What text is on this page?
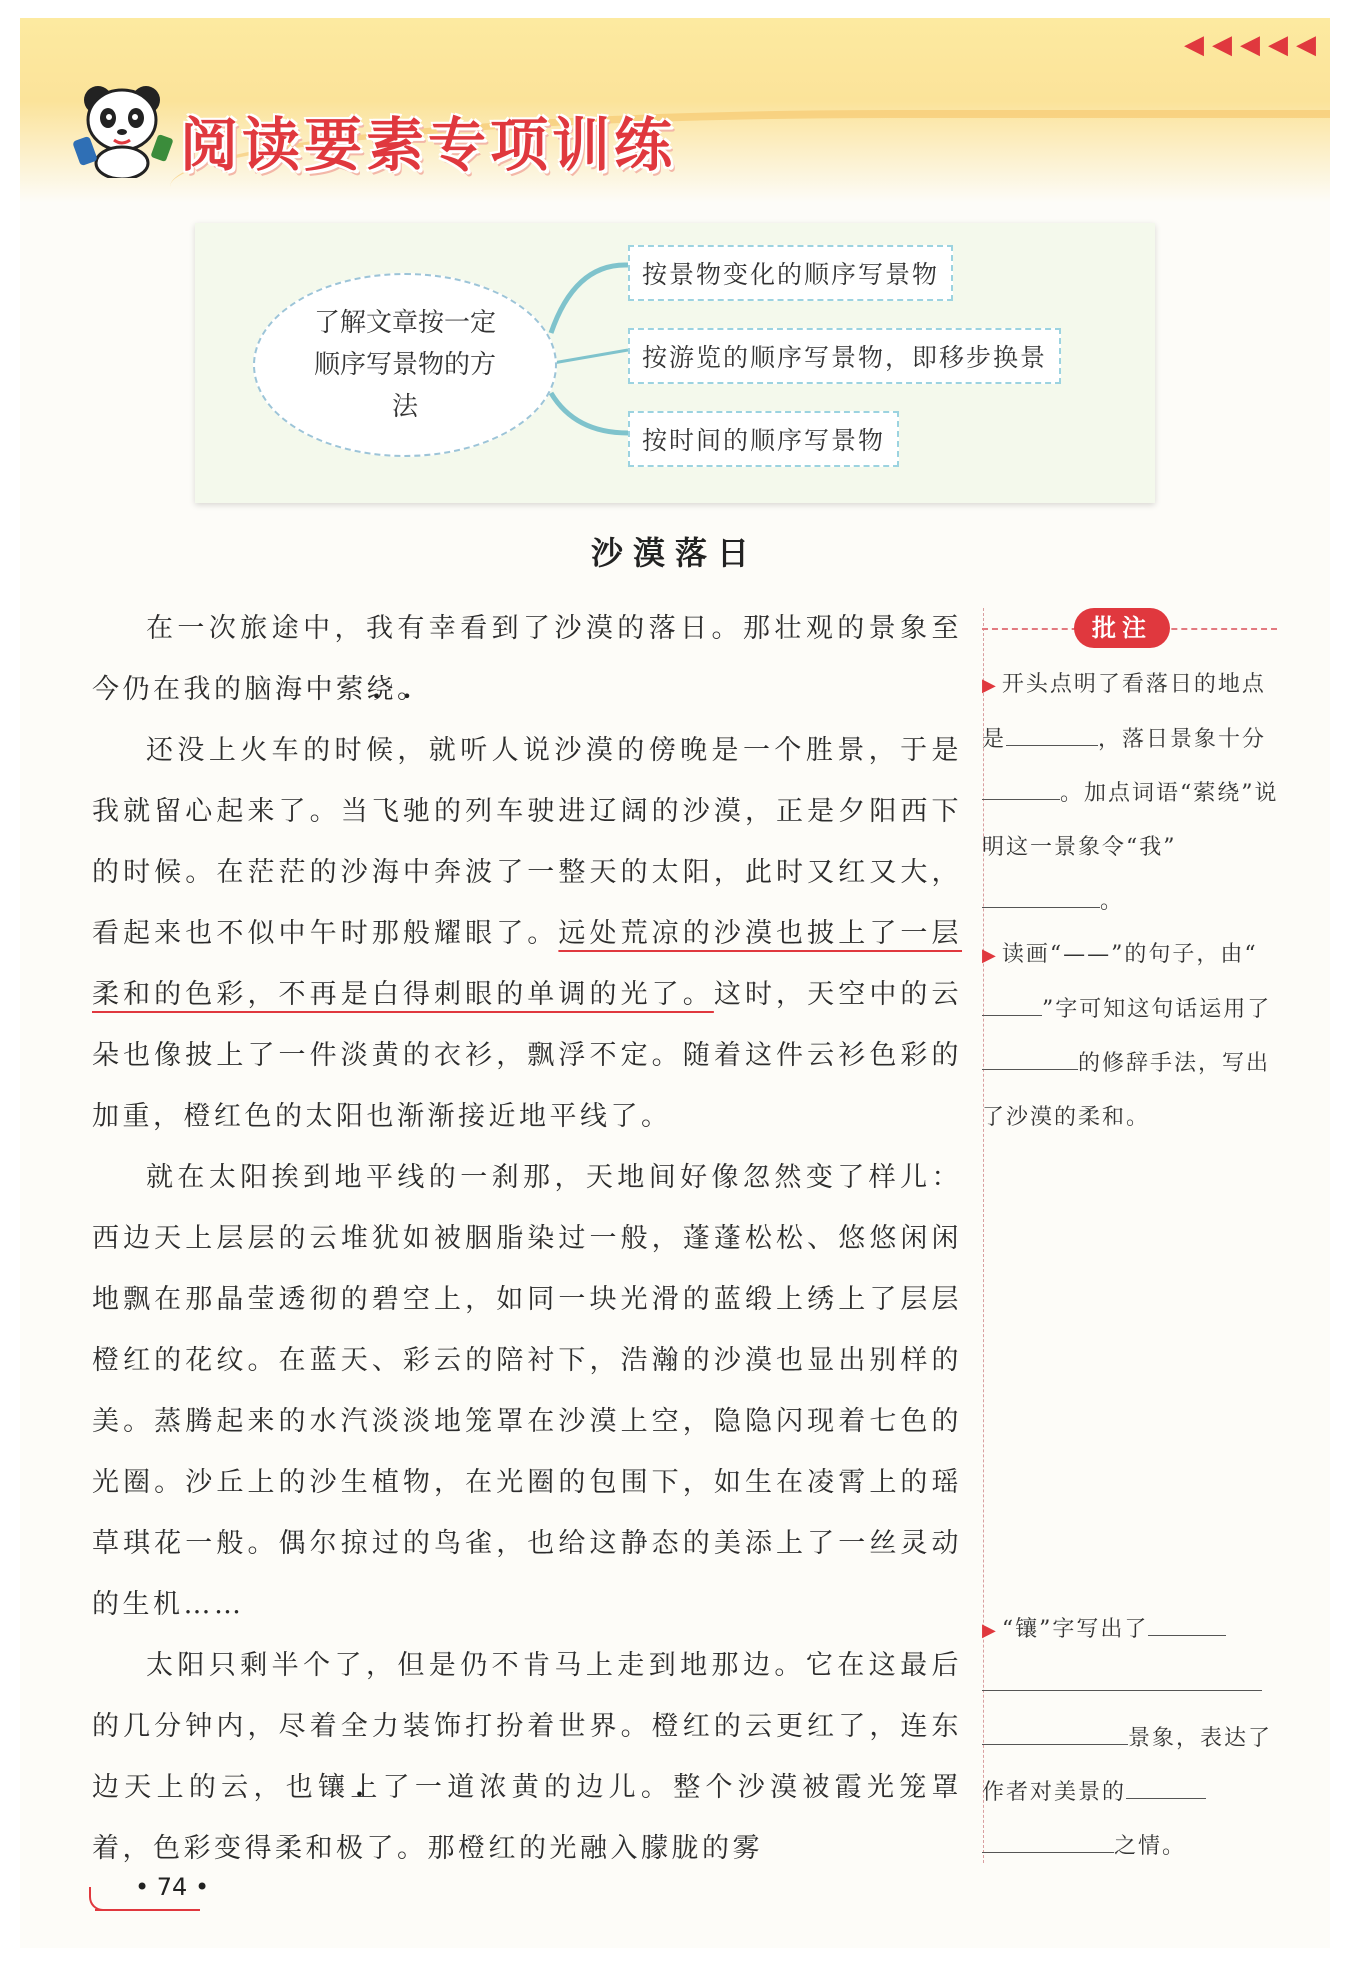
◀◀◀◀◀
阅读要素专项训练
了解文章按一定顺序写景物的方法
按景物变化的顺序写景物
按游览的顺序写景物，即移步换景
按时间的顺序写景物
沙漠落日

在一次旅途中，我有幸看到了沙漠的落日。那壮观的景象至今仍在我的脑海中萦 •绕 •。

还没上火车的时候，就听人说沙漠的傍晚是一个胜景，于是我就留心起来了。当飞驰的列车驶进辽阔的沙漠，正是夕阳西下的时候。在茫茫的沙海中奔波了一整天的太阳，此时又红又大，看起来也不似中午时那般耀眼了。远处荒凉的沙漠也披上了一层柔和的色彩，不再是白得刺眼的单调的光了。这时，天空中的云朵也像披上了一件淡黄的衣衫，飘浮不定。随着这件云衫色彩的加重，橙红色的太阳也渐渐接近地平线了。

就在太阳挨到地平线的一刹那，天地间好像忽然变了样儿：西边天上层层的云堆犹如被胭脂染过一般，蓬蓬松松、悠悠闲闲地飘在那晶莹透彻的碧空上，如同一块光滑的蓝缎上绣上了层层橙红的花纹。在蓝天、彩云的陪衬下，浩瀚的沙漠也显出别样的美。蒸腾起来的水汽淡淡地笼罩在沙漠上空，隐隐闪现着七色的光圈。沙丘上的沙生植物，在光圈的包围下，如生在凌霄上的瑶草琪花一般。偶尔掠过的鸟雀，也给这静态的美添上了一丝灵动的生机……

太阳只剩半个了，但是仍不肯马上走到地那边。它在这最后的几分钟内，尽着全力装饰打扮着世界。橙红的云更红了，连东边天上的云，也镶 •上了一道浓黄的边儿。整个沙漠被霞光笼罩着，色彩变得柔和极了。那橙红的光融入朦胧的雾

批注
▶ 开头点明了看落日的地点是	，落日景象十分。加点词语“萦绕”说明这一景象令“我”。
▶ 读画“——”的句子，由“”字可知这句话运用了的修辞手法，写出了沙漠的柔和。
▶ “镶”字写出了景象，表达了作者对美景的之情。
• 74 •
